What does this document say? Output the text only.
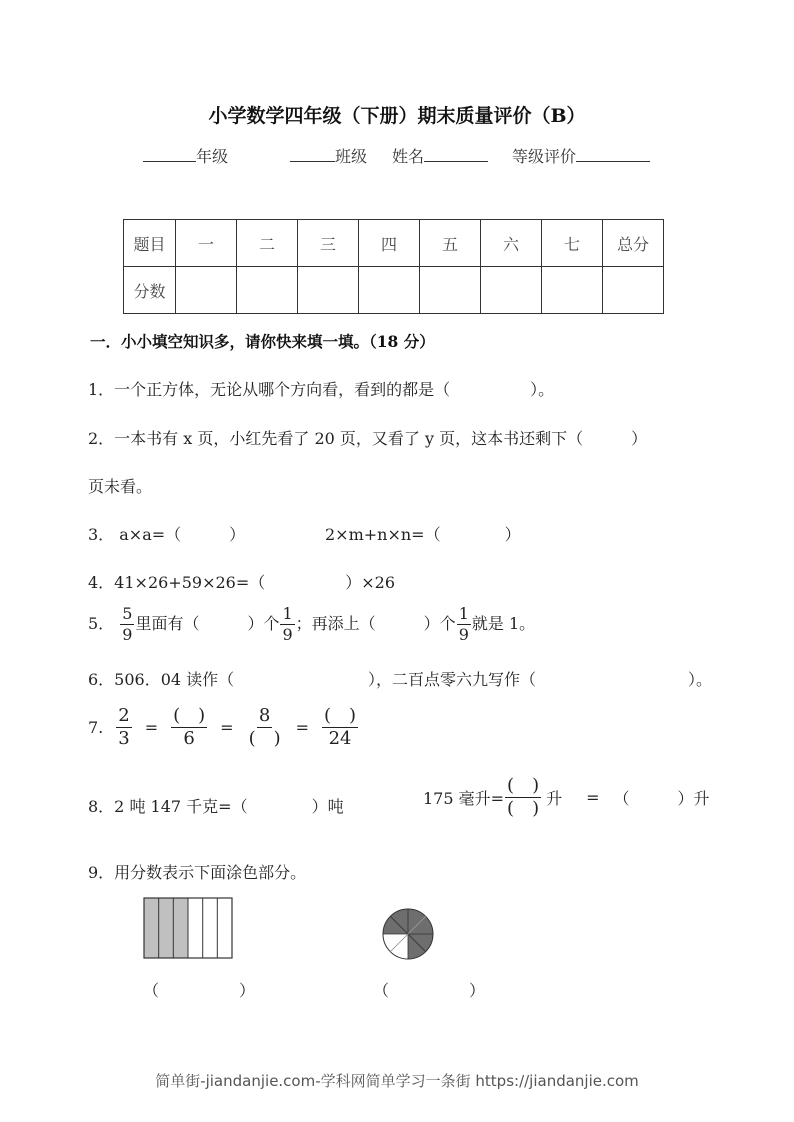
小学数学四年级（下册）期末质量评价（B）
年级	班级 姓名	等级评价
题目	一	二	三	四	五	六	七	总分
分数								
一．小小填空知识多，请你快来填一填。（18 分）
1．一个正方体，无论从哪个方向看，看到的都是（　　　　　）。
2．一本书有 x 页，小红先看了 20 页，又看了 y 页，这本书还剩下（　　　）
页未看。
3． a×a=（　　　）	2×m+n×n=（　　　　）
4．41×26+59×26=（　　　　　）×26
5． $\frac{5}{9}$ 里面有（　　　）个 $\frac{1}{9}$ ；再添上（　　　）个 $\frac{1}{9}$ 就是 1。
6．506．04 读作（	），二百点零六九写作（	）。
7. $\frac{2}{3} = \frac{( )}{6} = \frac{8}{( )} = \frac{( )}{24}$
8．2 吨 147 千克=（　　　　）吨	175 毫升= $\frac{( )}{( )}$ 升 = （　　　）升
9．用分数表示下面涂色部分。
（　　　　　）	（　　　　　）
简单街-jiandanjie.com-学科网简单学习一条街 https://jiandanjie.com
